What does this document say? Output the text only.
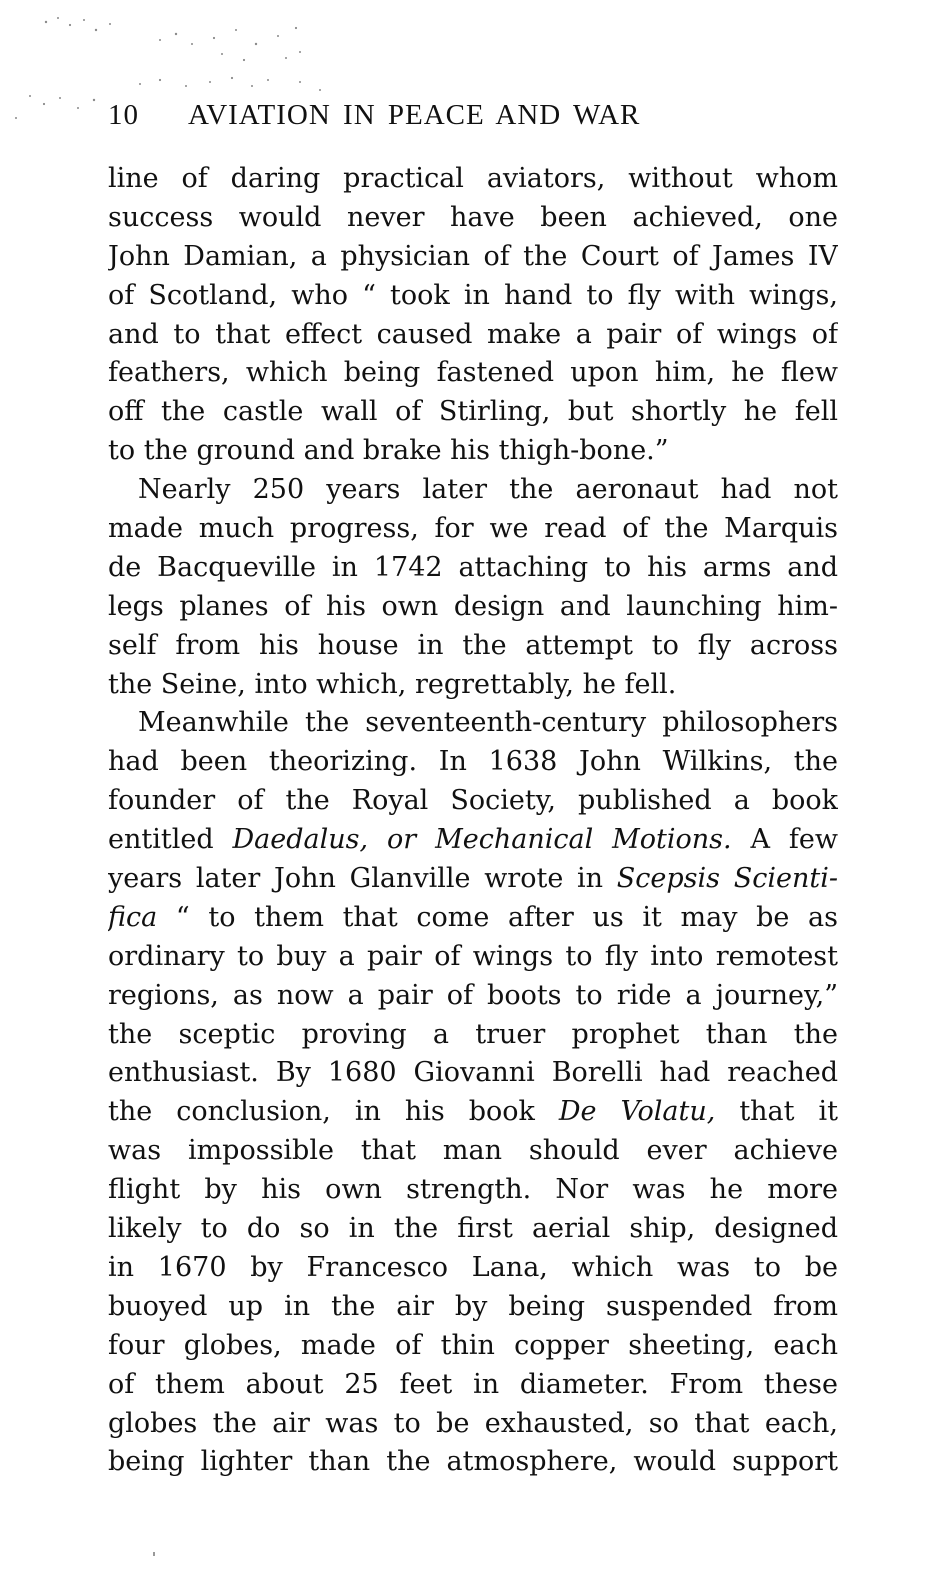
10 AVIATION IN PEACE AND WAR
line of daring practical aviators, without whom
success would never have been achieved, one
John Damian, a physician of the Court of James IV
of Scotland, who “ took in hand to fly with wings,
and to that effect caused make a pair of wings of
feathers, which being fastened upon him, he flew
off the castle wall of Stirling, but shortly he fell
to the ground and brake his thigh-bone.”
Nearly 250 years later the aeronaut had not
made much progress, for we read of the Marquis
de Bacqueville in 1742 attaching to his arms and
legs planes of his own design and launching him-
self from his house in the attempt to fly across
the Seine, into which, regrettably, he fell.
Meanwhile the seventeenth-century philosophers
had been theorizing. In 1638 John Wilkins, the
founder of the Royal Society, published a book
entitled Daedalus, or Mechanical Motions. A few
years later John Glanville wrote in Scepsis Scienti-
fica “ to them that come after us it may be as
ordinary to buy a pair of wings to fly into remotest
regions, as now a pair of boots to ride a journey,”
the sceptic proving a truer prophet than the
enthusiast. By 1680 Giovanni Borelli had reached
the conclusion, in his book De Volatu, that it
was impossible that man should ever achieve
flight by his own strength. Nor was he more
likely to do so in the first aerial ship, designed
in 1670 by Francesco Lana, which was to be
buoyed up in the air by being suspended from
four globes, made of thin copper sheeting, each
of them about 25 feet in diameter. From these
globes the air was to be exhausted, so that each,
being lighter than the atmosphere, would support
